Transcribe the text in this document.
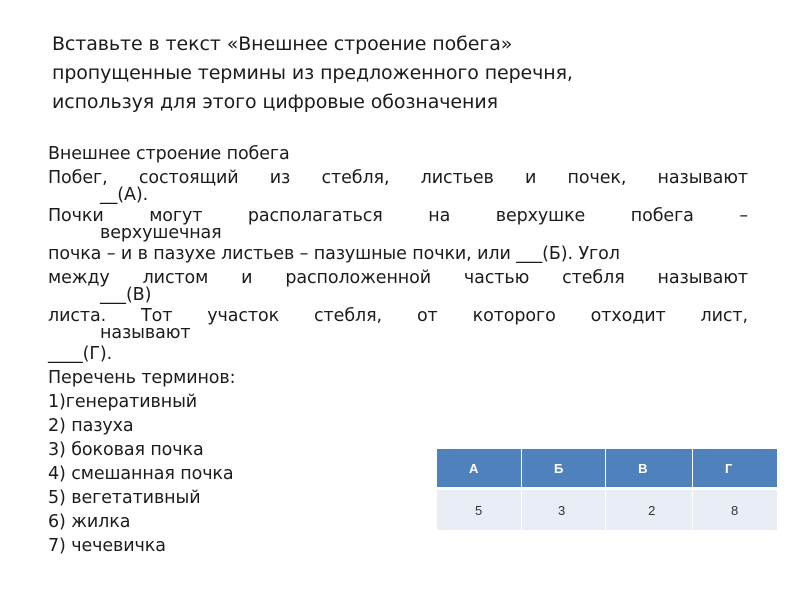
Вставьте в текст «Внешнее строение побега»
пропущенные термины из предложенного перечня,
используя для этого цифровые обозначения
Внешнее строение побега
Побег, состоящий из стебля, листьев и почек, называют
__(А).
Почки могут располагаться на верхушке побега –
верхушечная
почка – и в пазухе листьев – пазушные почки, или ___(Б). Угол
между листом и расположенной частью стебля называют
___(В)
листа. Тот участок стебля, от которого отходит лист,
называют
____(Г).
Перечень терминов:
1)генеративный
2) пазуха
3) боковая почка
4) смешанная почка
5) вегетативный
6) жилка
7) чечевичка
А	Б	В	Г
5	3	2	8
